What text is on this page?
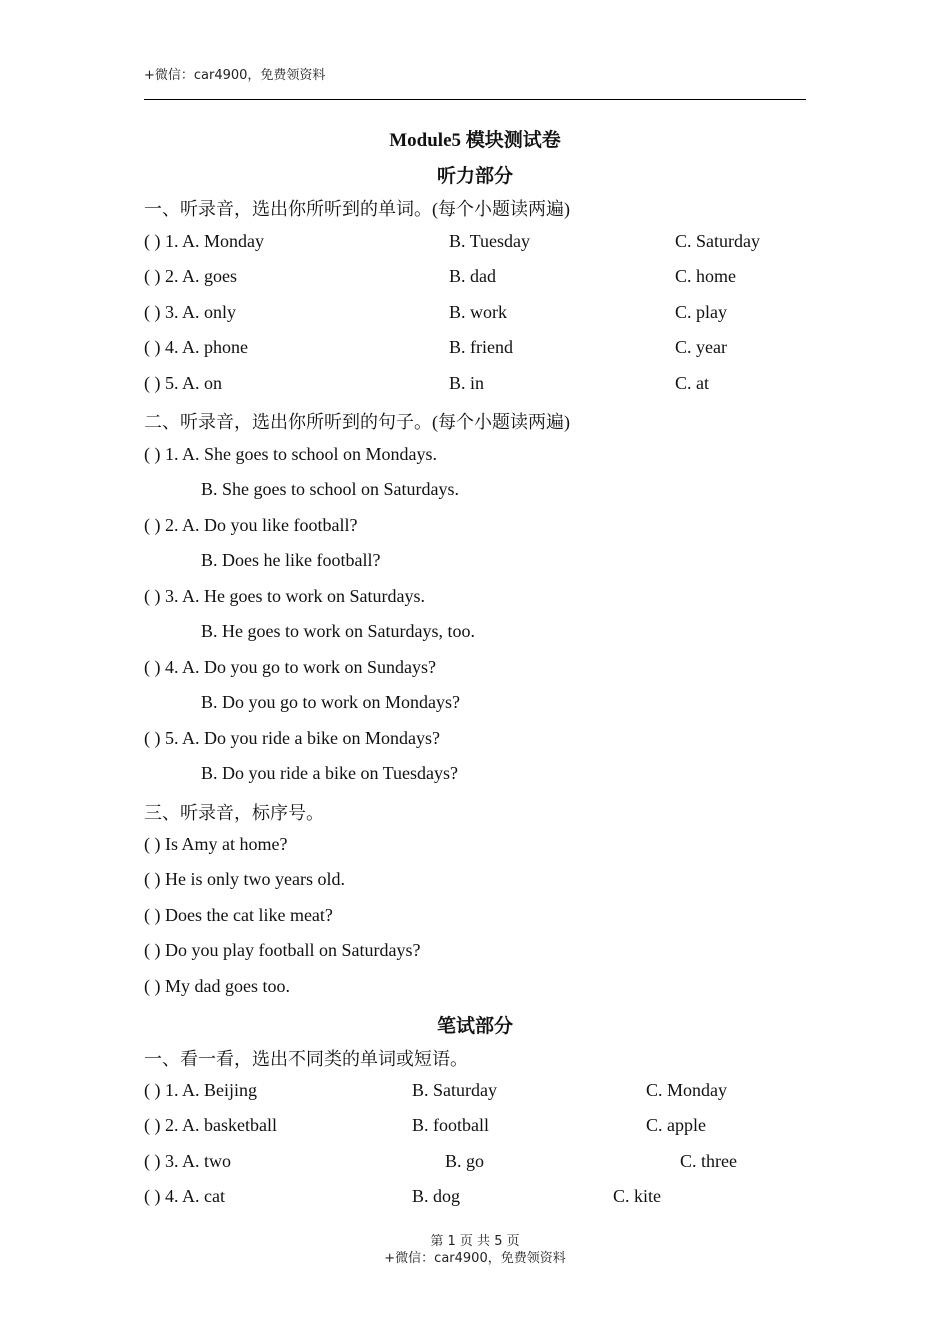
+微信：car4900，免费领资料
Module5 模块测试卷
听力部分
一、听录音，选出你所听到的单词。(每个小题读两遍)
( ) 1. A. Monday	B. Tuesday	C. Saturday
( ) 2. A. goes	B. dad	C. home
( ) 3. A. only	B. work	C. play
( ) 4. A. phone	B. friend	C. year
( ) 5. A. on	B. in	C. at
二、听录音，选出你所听到的句子。(每个小题读两遍)
( ) 1. A. She goes to school on Mondays.
B. She goes to school on Saturdays.
( ) 2. A. Do you like football?
B. Does he like football?
( ) 3. A. He goes to work on Saturdays.
B. He goes to work on Saturdays, too.
( ) 4. A. Do you go to work on Sundays?
B. Do you go to work on Mondays?
( ) 5. A. Do you ride a bike on Mondays?
B. Do you ride a bike on Tuesdays?
三、听录音，标序号。
( ) Is Amy at home?
( ) He is only two years old.
( ) Does the cat like meat?
( ) Do you play football on Saturdays?
( ) My dad goes too.
笔试部分
一、看一看，选出不同类的单词或短语。
( ) 1. A. Beijing	B. Saturday	C. Monday
( ) 2. A. basketball	B. football	C. apple
( ) 3. A. two	B. go	C. three
( ) 4. A. cat	B. dog	C. kite
第 1 页 共 5 页
+微信：car4900，免费领资料
